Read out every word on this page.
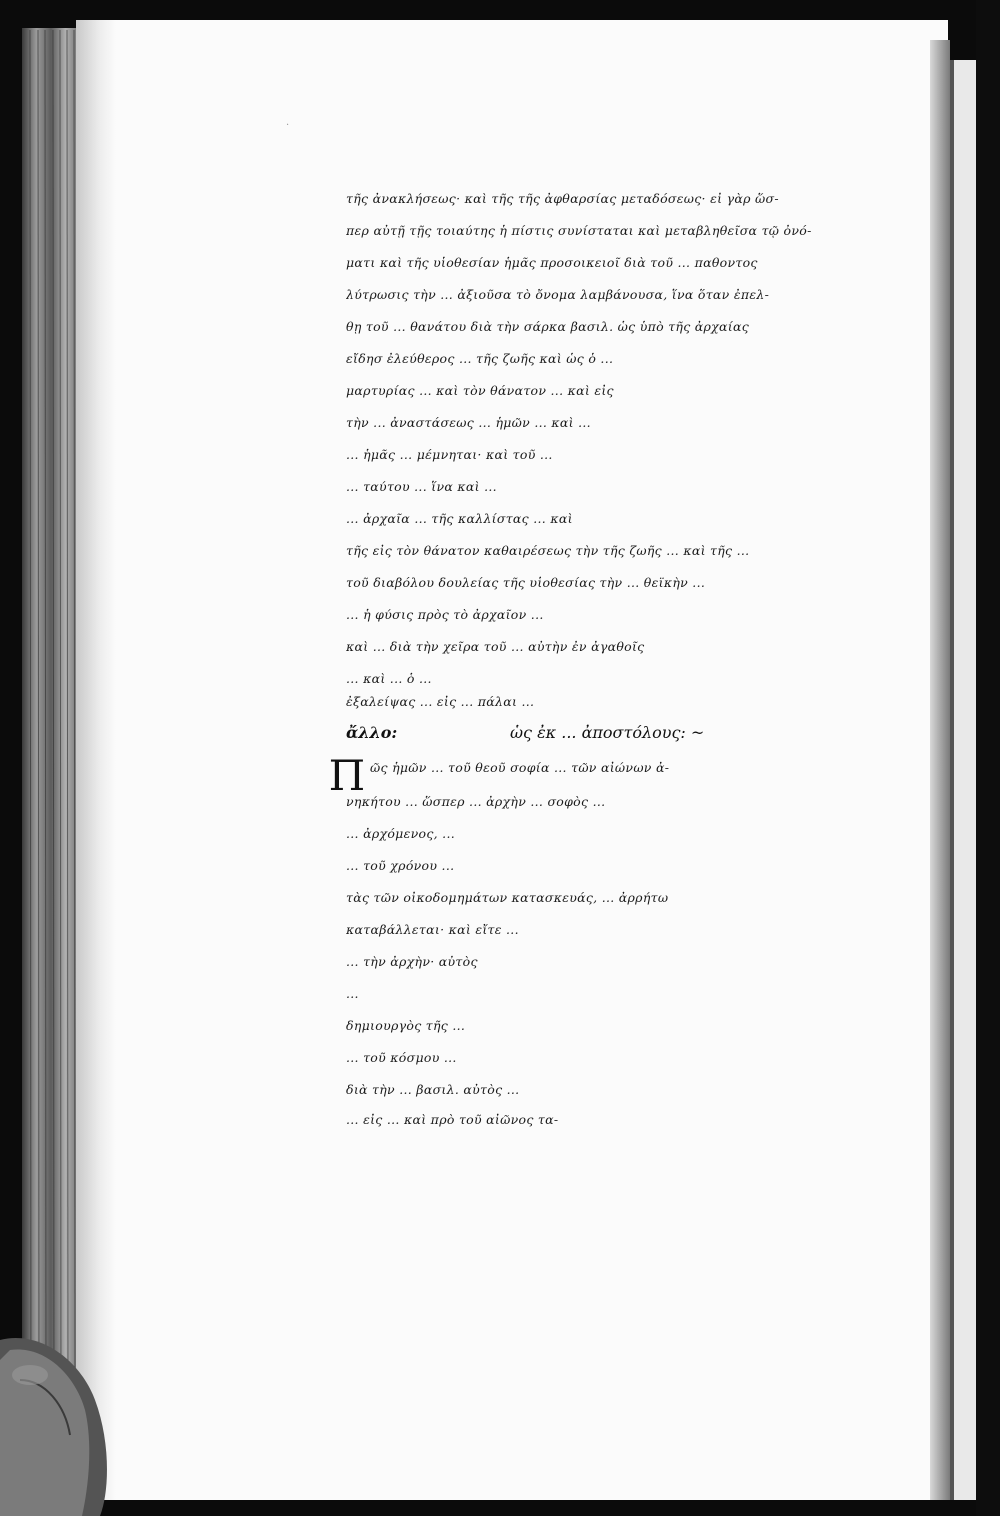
·
τῆς ἀνακλήσεως· καὶ τῆς τῆς ἀφθαρσίας μεταδόσεως· εἰ γὰρ ὥσ-
περ αὐτῇ τῇς τοιαύτης ἡ πίστις συνίσταται καὶ μεταβληθεῖσα τῷ ὀνό-
ματι καὶ τῆς υἱοθεσίαν ἡμᾶς προσοικειοῖ διὰ τοῦ ... παθοντος
λύτρωσις τὴν ... ἀξιοῦσα τὸ ὄνομα λαμβάνουσα, ἵνα ὅταν ἐπελ-
θῃ τοῦ ... θανάτου διὰ τὴν σάρκα βασιλ. ὡς ὑπὸ τῆς ἀρχαίας
εἴδησ ἐλεύθερος ... τῆς ζωῆς καὶ ὡς ὁ ...
μαρτυρίας ... καὶ τὸν θάνατον ... καὶ εἰς
τὴν ... ἀναστάσεως ... ἡμῶν ... καὶ ...
... ἡμᾶς ... μέμνηται· καὶ τοῦ ...
... ταύτου ... ἵνα καὶ ...
... ἀρχαῖα ... τῆς καλλίστας ... καὶ
τῆς εἰς τὸν θάνατον καθαιρέσεως τὴν τῆς ζωῆς ... καὶ τῆς ...
τοῦ διαβόλου δουλείας τῆς υἱοθεσίας τὴν ... θεϊκὴν ...
... ἡ φύσις πρὸς τὸ ἀρχαῖον ...
καὶ ... διὰ τὴν χεῖρα τοῦ ... αὐτὴν ἐν ἀγαθοῖς
... καὶ ... ὁ ...
ἐξαλείψας ... εἰς ... πάλαι ...
ἄλλο:	ὡς ἐκ ... ἀποστόλους: ~
Π ῶς ἡμῶν ... τοῦ θεοῦ σοφία ... τῶν αἰώνων ἀ-
νηκήτου ... ὥσπερ ... ἀρχὴν ... σοφὸς ...
... ἀρχόμενος, ...
... τοῦ χρόνου ...
τὰς τῶν οἰκοδομημάτων κατασκευάς, ... ἀρρήτω
καταβάλλεται· καὶ εἴτε ...
... τὴν ἀρχὴν· αὐτὸς
...
δημιουργὸς τῆς ...
... τοῦ κόσμου ...
διὰ τὴν ... βασιλ. αὐτὸς ...
... εἰς ... καὶ πρὸ τοῦ αἰῶνος τα-
